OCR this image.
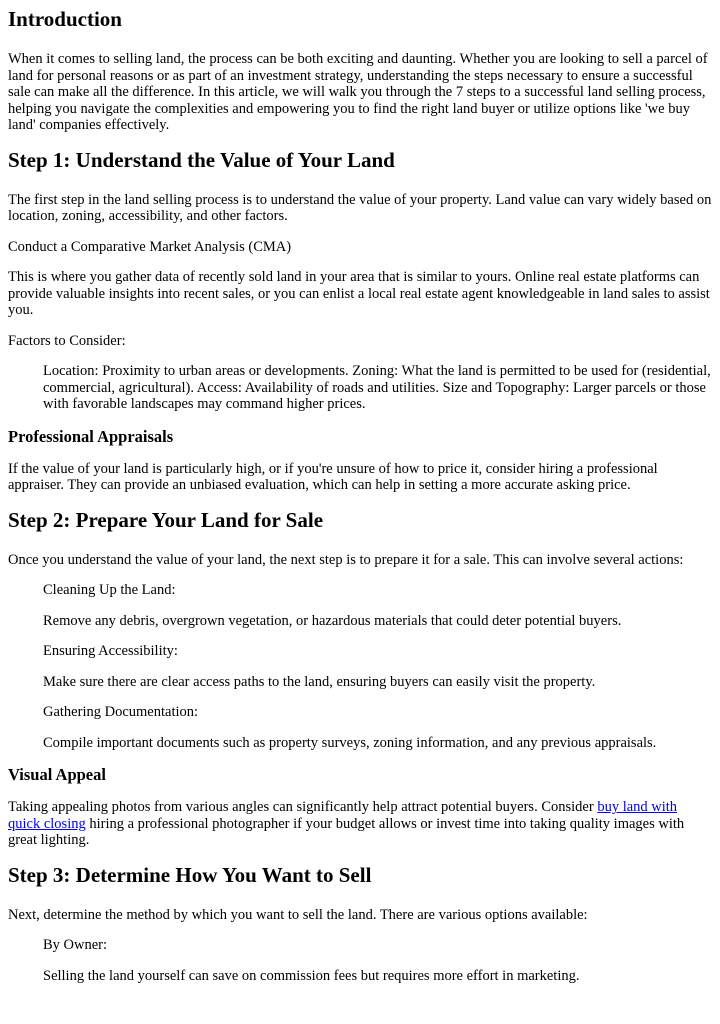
Introduction

When it comes to selling land, the process can be both exciting and daunting. Whether you are looking to sell a parcel of land for personal reasons or as part of an investment strategy, understanding the steps necessary to ensure a successful sale can make all the difference. In this article, we will walk you through the 7 steps to a successful land selling process, helping you navigate the complexities and empowering you to find the right land buyer or utilize options like 'we buy land' companies effectively.

Step 1: Understand the Value of Your Land

The first step in the land selling process is to understand the value of your property. Land value can vary widely based on location, zoning, accessibility, and other factors.

Conduct a Comparative Market Analysis (CMA)

This is where you gather data of recently sold land in your area that is similar to yours. Online real estate platforms can provide valuable insights into recent sales, or you can enlist a local real estate agent knowledgeable in land sales to assist you.

Factors to Consider:

Location: Proximity to urban areas or developments. Zoning: What the land is permitted to be used for (residential, commercial, agricultural). Access: Availability of roads and utilities. Size and Topography: Larger parcels or those with favorable landscapes may command higher prices.

Professional Appraisals

If the value of your land is particularly high, or if you're unsure of how to price it, consider hiring a professional appraiser. They can provide an unbiased evaluation, which can help in setting a more accurate asking price.

Step 2: Prepare Your Land for Sale

Once you understand the value of your land, the next step is to prepare it for a sale. This can involve several actions:

Cleaning Up the Land:

Remove any debris, overgrown vegetation, or hazardous materials that could deter potential buyers.

Ensuring Accessibility:

Make sure there are clear access paths to the land, ensuring buyers can easily visit the property.

Gathering Documentation:

Compile important documents such as property surveys, zoning information, and any previous appraisals.

Visual Appeal

Taking appealing photos from various angles can significantly help attract potential buyers. Consider buy land with quick closing hiring a professional photographer if your budget allows or invest time into taking quality images with great lighting.

Step 3: Determine How You Want to Sell

Next, determine the method by which you want to sell the land. There are various options available:

By Owner:

Selling the land yourself can save on commission fees but requires more effort in marketing.
